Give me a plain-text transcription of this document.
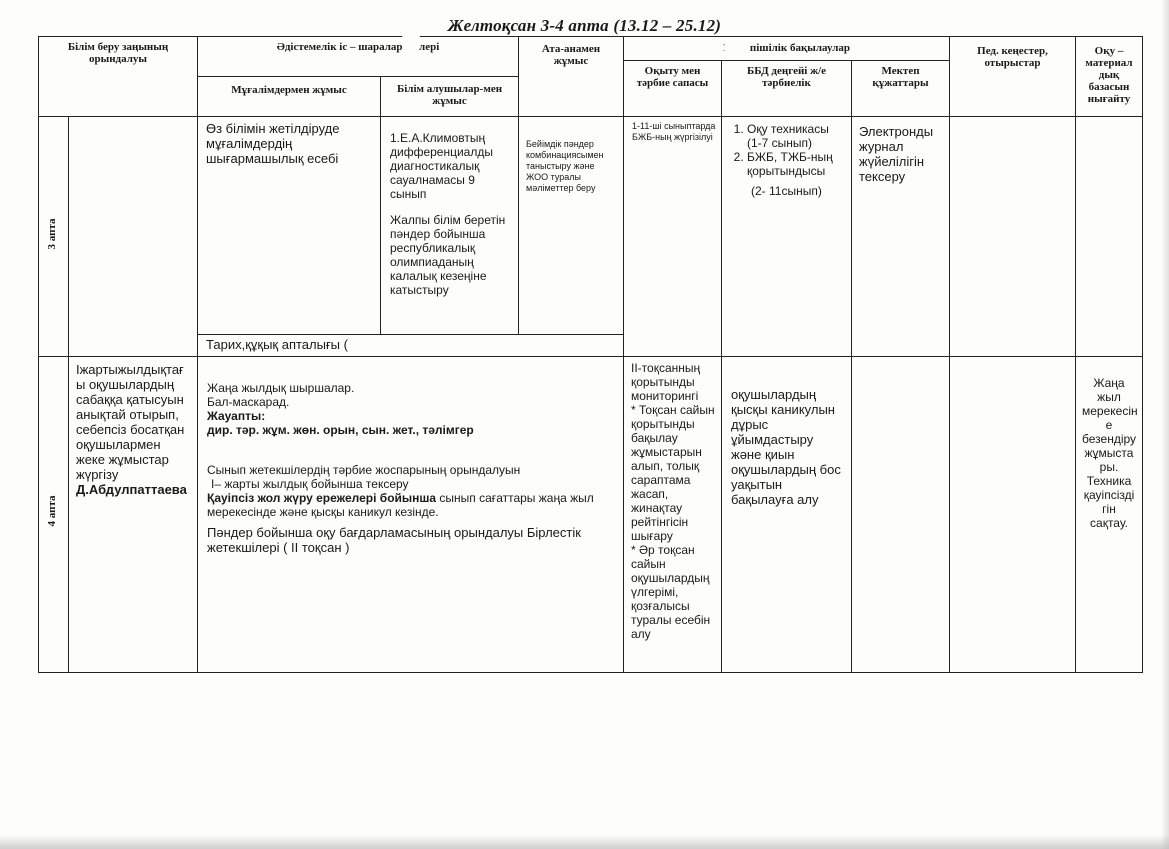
Желтоқсан 3-4 апта (13.12 – 25.12)
Білім беру заңының орындалуы
Әдістемелік іс – шаралар лері
Мұғалімдермен жұмыс	Білім алушылар-мен жұмыс
Ата-анамен жұмыс
пішілік бақылаулар
Оқыту мен тәрбие сапасы
ББД деңгейі ж/е тәрбиелік
Мектеп құжаттары
Пед. кеңестер, отырыстар
Оқу – материал дық базасын нығайту
3 апта
4 апта
Өз білімін жетілдіруде мұғалімдердің шығармашылық есебі
1.Е.А.Климовтың дифференциалды диагностикалық сауалнамасы 9 сынып
Жалпы білім беретін пәндер бойынша республикалық олимпиаданың калалық кезеңіне катыстыру
Бейімдік пәндер комбинациясымен таныстыру және ЖОО туралы мәліметтер беру
1-11-ші сыныптарда БЖБ-ның жүргізілуі
1. Оқу техникасы (1-7 сынып)
2. БЖБ, ТЖБ-ның қорытындысы
(2- 11сынып)
Электронды журнал жүйелілігін тексеру
Тарих,құқық апталығы (
Іжартыжылдықтағ ы оқушылардың сабаққа қатысуын анықтай отырып, себепсіз босатқан оқушылармен жеке жұмыстар жүргізу
Д.Абдулпаттаева
Жаңа жылдық шыршалар.
Бал-маскарад.
Жауапты:
дир. тәр. жұм. жөн. орын, сын. жет., тәлімгер
Сынып жетекшілердің тәрбие жоспарының орындалуын
I– жарты жылдық бойынша тексеру
Қауіпсіз жол жүру ережелері бойынша сынып сағаттары жаңа жыл мерекесінде және қысқы каникул кезінде.
Пәндер бойынша оқу бағдарламасының орындалуы Бірлестік жетекшілері ( ІІ тоқсан )
ІІ-тоқсанның қорытынды мониторингі
* Тоқсан сайын қорытынды бақылау жұмыстарын алып, толық сараптама жасап, жинақтау рейтінгісін шығару
* Әр тоқсан сайын оқушылардың үлгерімі, қозғалысы туралы есебін алу
оқушылардың қысқы каникулын дұрыс ұйымдастыру және қиын оқушылардың бос уақытын бақылауға алу
Жаңа жыл мерекесін е безендіру жұмыста ры. Техника қауіпсізді гін сақтау.
